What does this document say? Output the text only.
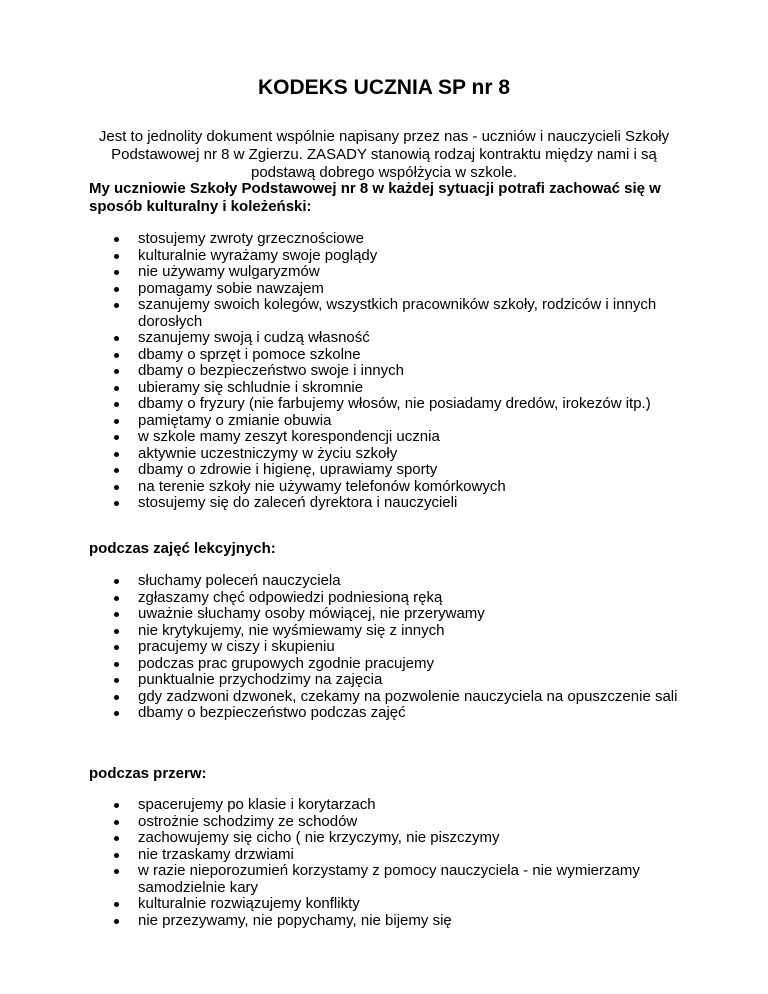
KODEKS UCZNIA SP nr 8

Jest to jednolity dokument wspólnie napisany przez nas - uczniów i nauczycieli Szkoły Podstawowej nr 8 w Zgierzu. ZASADY stanowią rodzaj kontraktu między nami i są podstawą dobrego współżycia w szkole.

My uczniowie Szkoły Podstawowej nr 8 w każdej sytuacji potrafi zachować się w sposób kulturalny i koleżeński:

stosujemy zwroty grzecznościowe
kulturalnie wyrażamy swoje poglądy
nie używamy wulgaryzmów
pomagamy sobie nawzajem
szanujemy swoich kolegów, wszystkich pracowników szkoły, rodziców i innych dorosłych
szanujemy swoją i cudzą własność
dbamy o sprzęt i pomoce szkolne
dbamy o bezpieczeństwo swoje i innych
ubieramy się schludnie i skromnie
dbamy o fryzury (nie farbujemy włosów, nie posiadamy dredów, irokezów itp.)
pamiętamy o zmianie obuwia
w szkole mamy zeszyt korespondencji ucznia
aktywnie uczestniczymy w życiu szkoły
dbamy o zdrowie i higienę, uprawiamy sporty
na terenie szkoły nie używamy telefonów komórkowych
stosujemy się do zaleceń dyrektora i nauczycieli

podczas zajęć lekcyjnych:

słuchamy poleceń nauczyciela
zgłaszamy chęć odpowiedzi podniesioną ręką
uważnie słuchamy osoby mówiącej, nie przerywamy
nie krytykujemy, nie wyśmiewamy się z innych
pracujemy w ciszy i skupieniu
podczas prac grupowych zgodnie pracujemy
punktualnie przychodzimy na zajęcia
gdy zadzwoni dzwonek, czekamy na pozwolenie nauczyciela na opuszczenie sali
dbamy o bezpieczeństwo podczas zajęć

podczas przerw:

spacerujemy po klasie i korytarzach
ostrożnie schodzimy ze schodów
zachowujemy się cicho ( nie krzyczymy, nie piszczymy
nie trzaskamy drzwiami
w razie nieporozumień korzystamy z pomocy nauczyciela - nie wymierzamy samodzielnie kary
kulturalnie rozwiązujemy konflikty
nie przezywamy, nie popychamy, nie bijemy się
